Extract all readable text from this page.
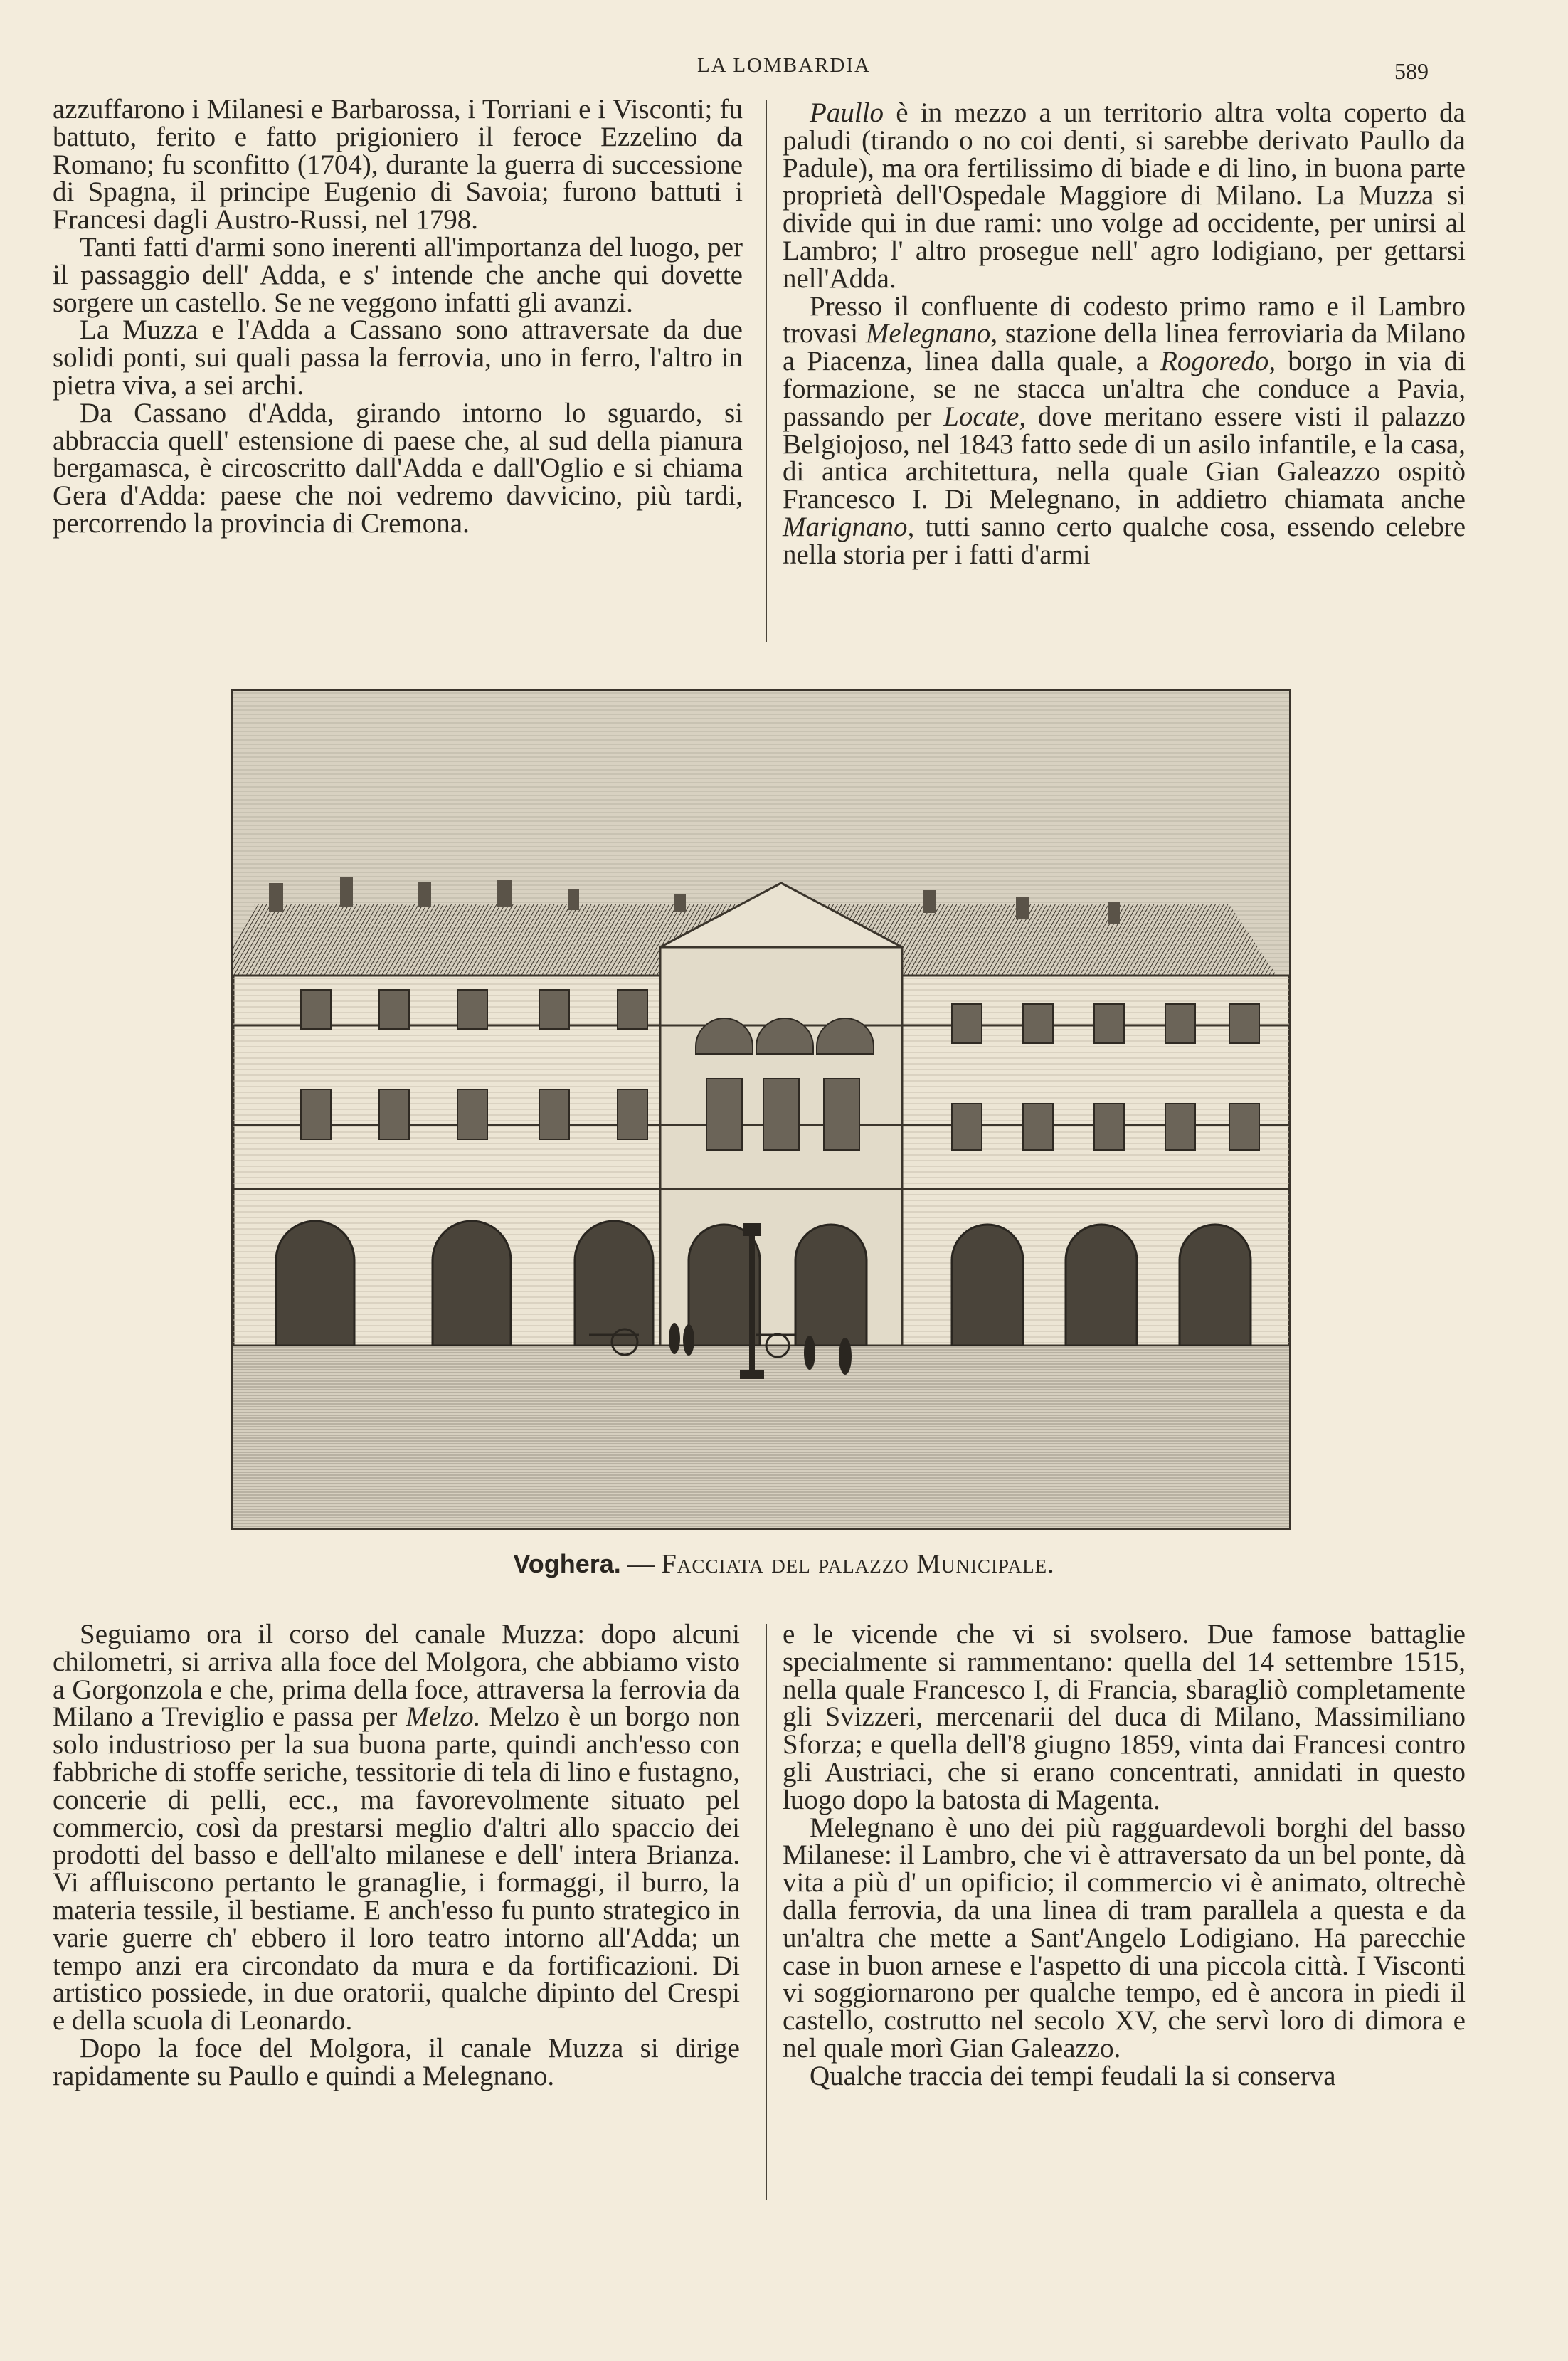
LA LOMBARDIA	589

azzuffarono i Milanesi e Barbarossa, i Torriani e i Visconti; fu battuto, ferito e fatto prigioniero il feroce Ezzelino da Romano; fu sconfitto (1704), durante la guerra di successione di Spagna, il principe Eugenio di Savoia; furono battuti i Francesi dagli Austro-Russi, nel 1798.

Tanti fatti d'armi sono inerenti all'importanza del luogo, per il passaggio dell' Adda, e s' intende che anche qui dovette sorgere un castello. Se ne veggono infatti gli avanzi.

La Muzza e l'Adda a Cassano sono attraversate da due solidi ponti, sui quali passa la ferrovia, uno in ferro, l'altro in pietra viva, a sei archi.

Da Cassano d'Adda, girando intorno lo sguardo, si abbraccia quell' estensione di paese che, al sud della pianura bergamasca, è circoscritto dall'Adda e dall'Oglio e si chiama Gera d'Adda: paese che noi vedremo davvicino, più tardi, percorrendo la provincia di Cremona.

Paullo è in mezzo a un territorio altra volta coperto da paludi (tirando o no coi denti, si sarebbe derivato Paullo da Padule), ma ora fertilissimo di biade e di lino, in buona parte proprietà dell'Ospedale Maggiore di Milano. La Muzza si divide qui in due rami: uno volge ad occidente, per unirsi al Lambro; l' altro prosegue nell' agro lodigiano, per gettarsi nell'Adda.

Presso il confluente di codesto primo ramo e il Lambro trovasi Melegnano, stazione della linea ferroviaria da Milano a Piacenza, linea dalla quale, a Rogoredo, borgo in via di formazione, se ne stacca un'altra che conduce a Pavia, passando per Locate, dove meritano essere visti il palazzo Belgiojoso, nel 1843 fatto sede di un asilo infantile, e la casa, di antica architettura, nella quale Gian Galeazzo ospitò Francesco I. Di Melegnano, in addietro chiamata anche Marignano, tutti sanno certo qualche cosa, essendo celebre nella storia per i fatti d'armi

Voghera. — Facciata del palazzo Municipale.

Seguiamo ora il corso del canale Muzza: dopo alcuni chilometri, si arriva alla foce del Molgora, che abbiamo visto a Gorgonzola e che, prima della foce, attraversa la ferrovia da Milano a Treviglio e passa per Melzo. Melzo è un borgo non solo industrioso per la sua buona parte, quindi anch'esso con fabbriche di stoffe seriche, tessitorie di tela di lino e fustagno, concerie di pelli, ecc., ma favorevolmente situato pel commercio, così da prestarsi meglio d'altri allo spaccio dei prodotti del basso e dell'alto milanese e dell' intera Brianza. Vi affluiscono pertanto le granaglie, i formaggi, il burro, la materia tessile, il bestiame. E anch'esso fu punto strategico in varie guerre ch' ebbero il loro teatro intorno all'Adda; un tempo anzi era circondato da mura e da fortificazioni. Di artistico possiede, in due oratorii, qualche dipinto del Crespi e della scuola di Leonardo.

Dopo la foce del Molgora, il canale Muzza si dirige rapidamente su Paullo e quindi a Melegnano.

e le vicende che vi si svolsero. Due famose battaglie specialmente si rammentano: quella del 14 settembre 1515, nella quale Francesco I, di Francia, sbaragliò completamente gli Svizzeri, mercenarii del duca di Milano, Massimiliano Sforza; e quella dell'8 giugno 1859, vinta dai Francesi contro gli Austriaci, che si erano concentrati, annidati in questo luogo dopo la batosta di Magenta.

Melegnano è uno dei più ragguardevoli borghi del basso Milanese: il Lambro, che vi è attraversato da un bel ponte, dà vita a più d' un opificio; il commercio vi è animato, oltrechè dalla ferrovia, da una linea di tram parallela a questa e da un'altra che mette a Sant'Angelo Lodigiano. Ha parecchie case in buon arnese e l'aspetto di una piccola città. I Visconti vi soggiornarono per qualche tempo, ed è ancora in piedi il castello, costrutto nel secolo XV, che servì loro di dimora e nel quale morì Gian Galeazzo.

Qualche traccia dei tempi feudali la si conserva
